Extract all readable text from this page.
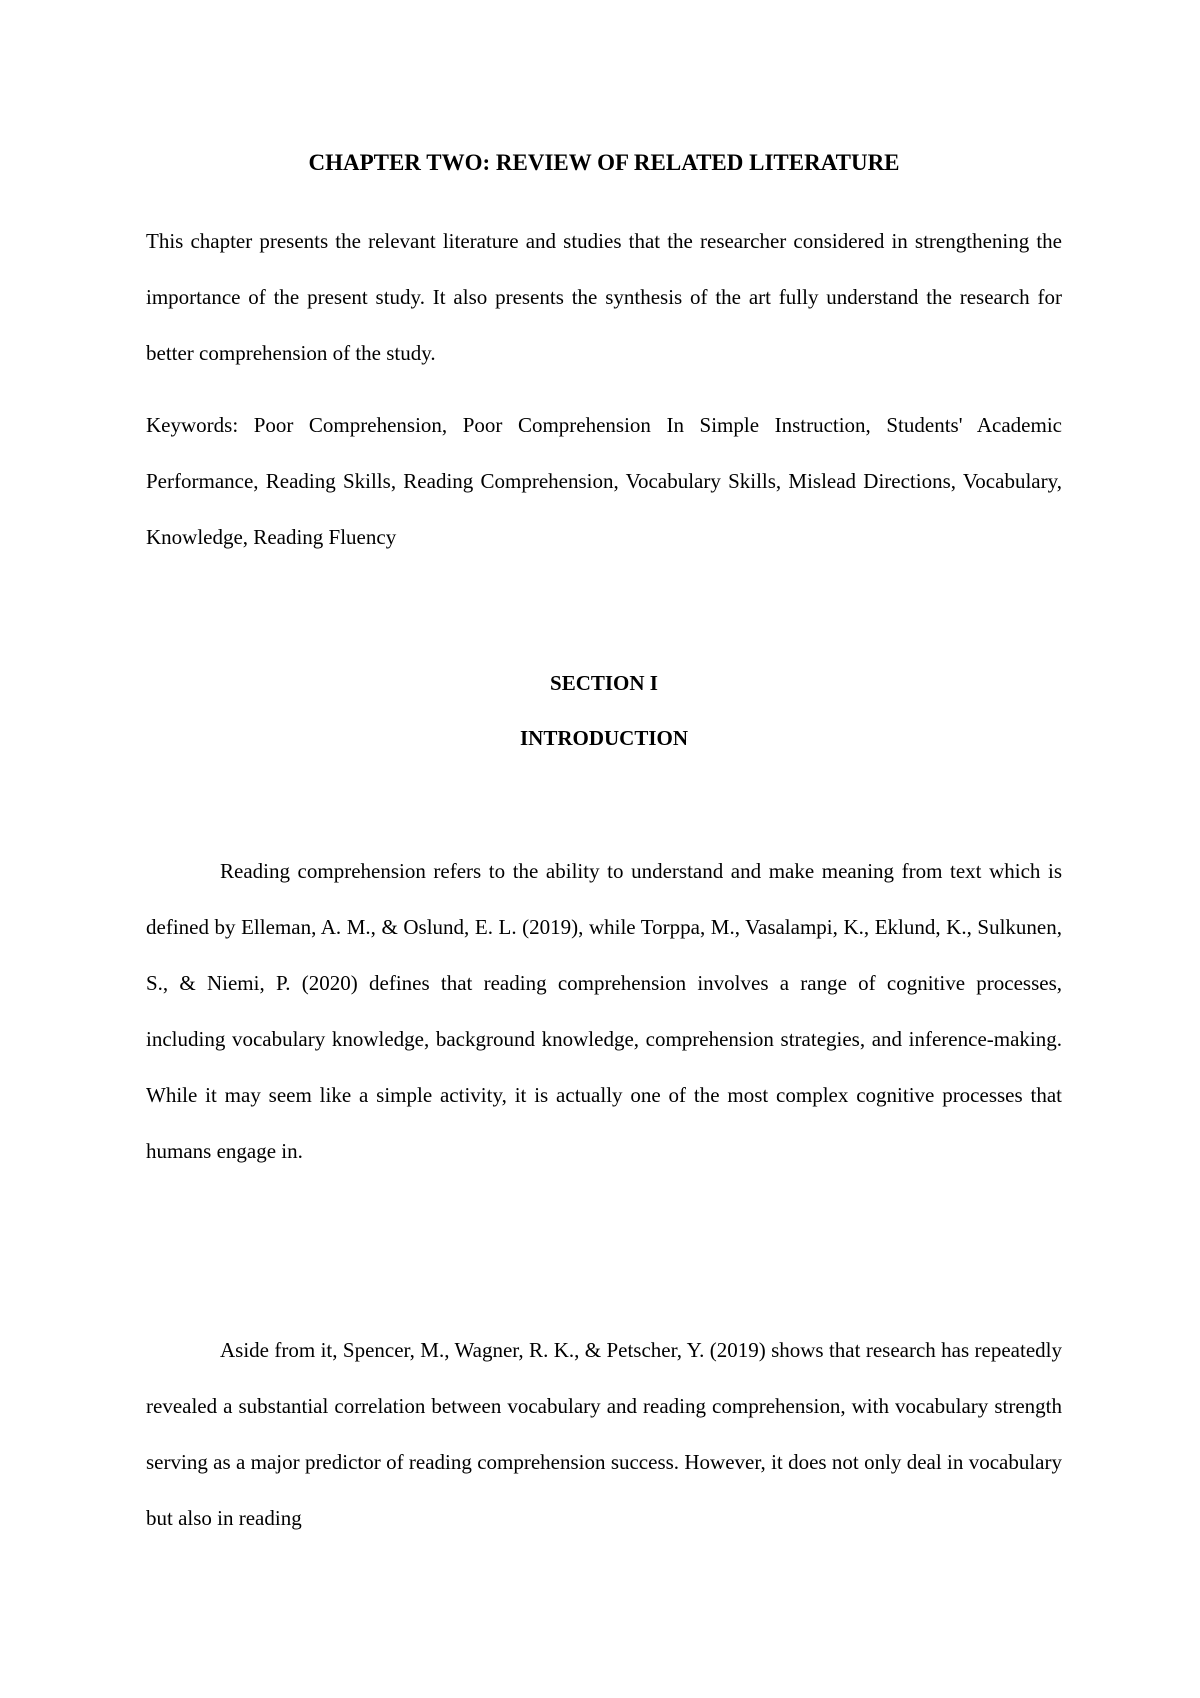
CHAPTER TWO: REVIEW OF RELATED LITERATURE

This chapter presents the relevant literature and studies that the researcher considered in strengthening the importance of the present study. It also presents the synthesis of the art fully understand the research for better comprehension of the study.

Keywords: Poor Comprehension, Poor Comprehension In Simple Instruction, Students' Academic Performance, Reading Skills, Reading Comprehension, Vocabulary Skills, Mislead Directions, Vocabulary, Knowledge, Reading Fluency

SECTION I
INTRODUCTION

Reading comprehension refers to the ability to understand and make meaning from text which is defined by Elleman, A. M., & Oslund, E. L. (2019), while Torppa, M., Vasalampi, K., Eklund, K., Sulkunen, S., & Niemi, P. (2020) defines that reading comprehension involves a range of cognitive processes, including vocabulary knowledge, background knowledge, comprehension strategies, and inference-making. While it may seem like a simple activity, it is actually one of the most complex cognitive processes that humans engage in.

Aside from it, Spencer, M., Wagner, R. K., & Petscher, Y. (2019) shows that research has repeatedly revealed a substantial correlation between vocabulary and reading comprehension, with vocabulary strength serving as a major predictor of reading comprehension success. However, it does not only deal in vocabulary but also in reading
